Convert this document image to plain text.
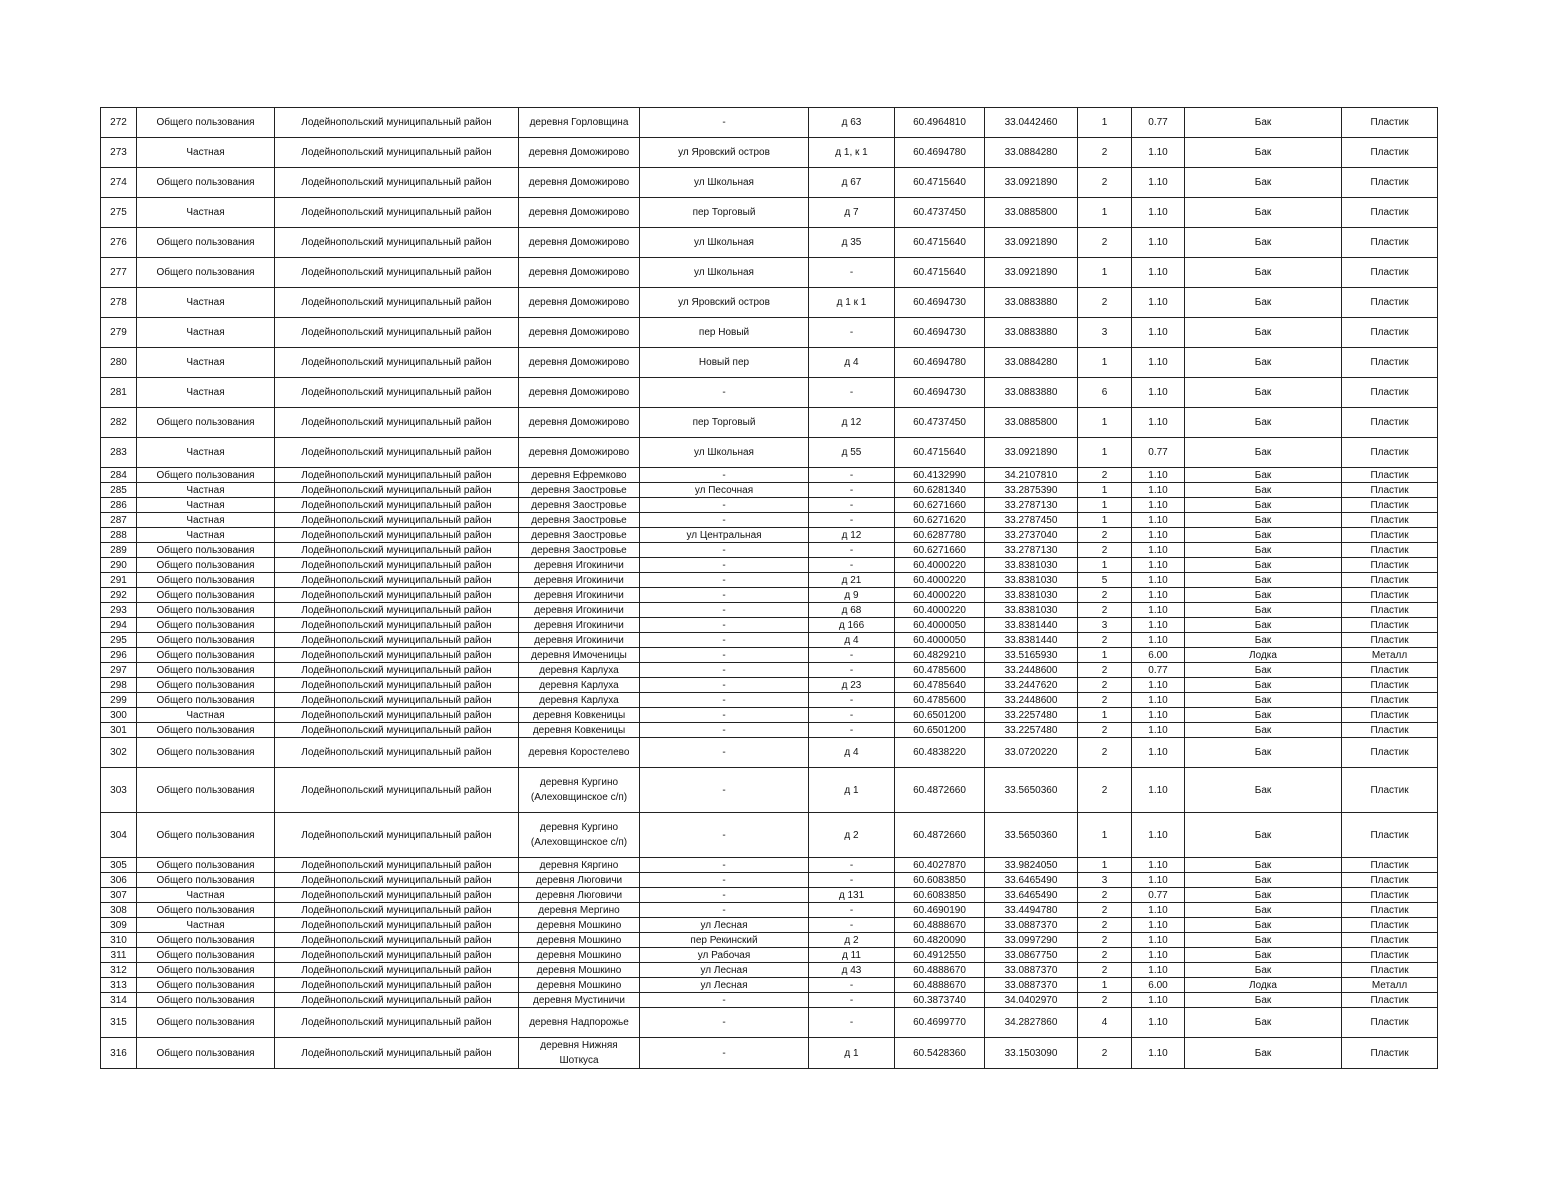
272	Общего пользования	Лодейнопольский муниципальный район	деревня Горловщина	-	д 63	60.4964810	33.0442460	1	0.77	Бак	Пластик
273	Частная	Лодейнопольский муниципальный район	деревня Доможирово	ул Яровский остров	д 1, к 1	60.4694780	33.0884280	2	1.10	Бак	Пластик
274	Общего пользования	Лодейнопольский муниципальный район	деревня Доможирово	ул Школьная	д 67	60.4715640	33.0921890	2	1.10	Бак	Пластик
275	Частная	Лодейнопольский муниципальный район	деревня Доможирово	пер Торговый	д 7	60.4737450	33.0885800	1	1.10	Бак	Пластик
276	Общего пользования	Лодейнопольский муниципальный район	деревня Доможирово	ул Школьная	д 35	60.4715640	33.0921890	2	1.10	Бак	Пластик
277	Общего пользования	Лодейнопольский муниципальный район	деревня Доможирово	ул Школьная	-	60.4715640	33.0921890	1	1.10	Бак	Пластик
278	Частная	Лодейнопольский муниципальный район	деревня Доможирово	ул Яровский остров	д 1 к 1	60.4694730	33.0883880	2	1.10	Бак	Пластик
279	Частная	Лодейнопольский муниципальный район	деревня Доможирово	пер Новый	-	60.4694730	33.0883880	3	1.10	Бак	Пластик
280	Частная	Лодейнопольский муниципальный район	деревня Доможирово	Новый пер	д 4	60.4694780	33.0884280	1	1.10	Бак	Пластик
281	Частная	Лодейнопольский муниципальный район	деревня Доможирово	-	-	60.4694730	33.0883880	6	1.10	Бак	Пластик
282	Общего пользования	Лодейнопольский муниципальный район	деревня Доможирово	пер Торговый	д 12	60.4737450	33.0885800	1	1.10	Бак	Пластик
283	Частная	Лодейнопольский муниципальный район	деревня Доможирово	ул Школьная	д 55	60.4715640	33.0921890	1	0.77	Бак	Пластик
284	Общего пользования	Лодейнопольский муниципальный район	деревня Ефремково	-	-	60.4132990	34.2107810	2	1.10	Бак	Пластик
285	Частная	Лодейнопольский муниципальный район	деревня Заостровье	ул Песочная	-	60.6281340	33.2875390	1	1.10	Бак	Пластик
286	Частная	Лодейнопольский муниципальный район	деревня Заостровье	-	-	60.6271660	33.2787130	1	1.10	Бак	Пластик
287	Частная	Лодейнопольский муниципальный район	деревня Заостровье	-	-	60.6271620	33.2787450	1	1.10	Бак	Пластик
288	Частная	Лодейнопольский муниципальный район	деревня Заостровье	ул Центральная	д 12	60.6287780	33.2737040	2	1.10	Бак	Пластик
289	Общего пользования	Лодейнопольский муниципальный район	деревня Заостровье	-	-	60.6271660	33.2787130	2	1.10	Бак	Пластик
290	Общего пользования	Лодейнопольский муниципальный район	деревня Игокиничи	-	-	60.4000220	33.8381030	1	1.10	Бак	Пластик
291	Общего пользования	Лодейнопольский муниципальный район	деревня Игокиничи	-	д 21	60.4000220	33.8381030	5	1.10	Бак	Пластик
292	Общего пользования	Лодейнопольский муниципальный район	деревня Игокиничи	-	д 9	60.4000220	33.8381030	2	1.10	Бак	Пластик
293	Общего пользования	Лодейнопольский муниципальный район	деревня Игокиничи	-	д 68	60.4000220	33.8381030	2	1.10	Бак	Пластик
294	Общего пользования	Лодейнопольский муниципальный район	деревня Игокиничи	-	д 166	60.4000050	33.8381440	3	1.10	Бак	Пластик
295	Общего пользования	Лодейнопольский муниципальный район	деревня Игокиничи	-	д 4	60.4000050	33.8381440	2	1.10	Бак	Пластик
296	Общего пользования	Лодейнопольский муниципальный район	деревня Имоченицы	-	-	60.4829210	33.5165930	1	6.00	Лодка	Металл
297	Общего пользования	Лодейнопольский муниципальный район	деревня Карлуха	-	-	60.4785600	33.2448600	2	0.77	Бак	Пластик
298	Общего пользования	Лодейнопольский муниципальный район	деревня Карлуха	-	д 23	60.4785640	33.2447620	2	1.10	Бак	Пластик
299	Общего пользования	Лодейнопольский муниципальный район	деревня Карлуха	-	-	60.4785600	33.2448600	2	1.10	Бак	Пластик
300	Частная	Лодейнопольский муниципальный район	деревня Ковкеницы	-	-	60.6501200	33.2257480	1	1.10	Бак	Пластик
301	Общего пользования	Лодейнопольский муниципальный район	деревня Ковкеницы	-	-	60.6501200	33.2257480	2	1.10	Бак	Пластик
302	Общего пользования	Лодейнопольский муниципальный район	деревня Коростелево	-	д 4	60.4838220	33.0720220	2	1.10	Бак	Пластик
303	Общего пользования	Лодейнопольский муниципальный район	деревня Кургино (Алеховщинское с/п)	-	д 1	60.4872660	33.5650360	2	1.10	Бак	Пластик
304	Общего пользования	Лодейнопольский муниципальный район	деревня Кургино (Алеховщинское с/п)	-	д 2	60.4872660	33.5650360	1	1.10	Бак	Пластик
305	Общего пользования	Лодейнопольский муниципальный район	деревня Кяргино	-	-	60.4027870	33.9824050	1	1.10	Бак	Пластик
306	Общего пользования	Лодейнопольский муниципальный район	деревня Люговичи	-	-	60.6083850	33.6465490	3	1.10	Бак	Пластик
307	Частная	Лодейнопольский муниципальный район	деревня Люговичи	-	д 131	60.6083850	33.6465490	2	0.77	Бак	Пластик
308	Общего пользования	Лодейнопольский муниципальный район	деревня Мергино	-	-	60.4690190	33.4494780	2	1.10	Бак	Пластик
309	Частная	Лодейнопольский муниципальный район	деревня Мошкино	ул Лесная	-	60.4888670	33.0887370	2	1.10	Бак	Пластик
310	Общего пользования	Лодейнопольский муниципальный район	деревня Мошкино	пер Рекинский	д 2	60.4820090	33.0997290	2	1.10	Бак	Пластик
311	Общего пользования	Лодейнопольский муниципальный район	деревня Мошкино	ул Рабочая	д 11	60.4912550	33.0867750	2	1.10	Бак	Пластик
312	Общего пользования	Лодейнопольский муниципальный район	деревня Мошкино	ул Лесная	д 43	60.4888670	33.0887370	2	1.10	Бак	Пластик
313	Общего пользования	Лодейнопольский муниципальный район	деревня Мошкино	ул Лесная	-	60.4888670	33.0887370	1	6.00	Лодка	Металл
314	Общего пользования	Лодейнопольский муниципальный район	деревня Мустиничи	-	-	60.3873740	34.0402970	2	1.10	Бак	Пластик
315	Общего пользования	Лодейнопольский муниципальный район	деревня Надпорожье	-	-	60.4699770	34.2827860	4	1.10	Бак	Пластик
316	Общего пользования	Лодейнопольский муниципальный район	деревня Нижняя Шоткуса	-	д 1	60.5428360	33.1503090	2	1.10	Бак	Пластик
